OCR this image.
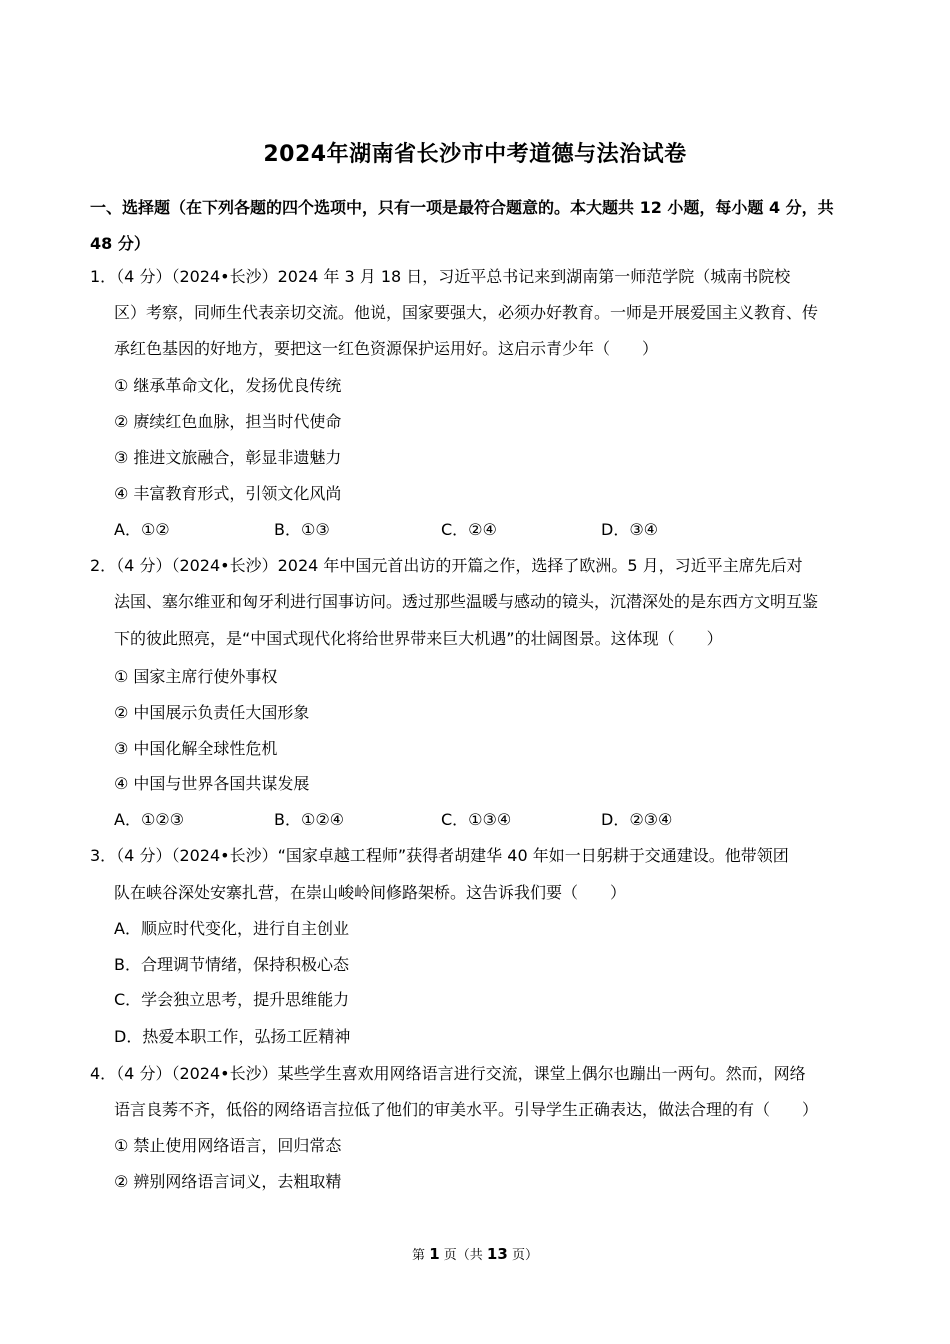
2024年湖南省长沙市中考道德与法治试卷
一、选择题（在下列各题的四个选项中，只有一项是最符合题意的。本大题共 12 小题，每小题 4 分，共
48 分）
1．（4 分）（2024•长沙）2024 年 3 月 18 日，习近平总书记来到湖南第一师范学院（城南书院校
区）考察，同师生代表亲切交流。他说，国家要强大，必须办好教育。一师是开展爱国主义教育、传
承红色基因的好地方，要把这一红色资源保护运用好。这启示青少年（　　）
① 继承革命文化，发扬优良传统
② 赓续红色血脉，担当时代使命
③ 推进文旅融合，彰显非遗魅力
④ 丰富教育形式，引领文化风尚
A．①②	B．①③	C．②④	D．③④
2．（4 分）（2024•长沙）2024 年中国元首出访的开篇之作，选择了欧洲。5 月，习近平主席先后对
法国、塞尔维亚和匈牙利进行国事访问。透过那些温暖与感动的镜头，沉潜深处的是东西方文明互鉴
下的彼此照亮，是“中国式现代化将给世界带来巨大机遇”的壮阔图景。这体现（　　）
① 国家主席行使外事权
② 中国展示负责任大国形象
③ 中国化解全球性危机
④ 中国与世界各国共谋发展
A．①②③	B．①②④	C．①③④	D．②③④
3．（4 分）（2024•长沙）“国家卓越工程师”获得者胡建华 40 年如一日躬耕于交通建设。他带领团
队在峡谷深处安寨扎营，在崇山峻岭间修路架桥。这告诉我们要（　　）
A．顺应时代变化，进行自主创业
B．合理调节情绪，保持积极心态
C．学会独立思考，提升思维能力
D．热爱本职工作，弘扬工匠精神
4．（4 分）（2024•长沙）某些学生喜欢用网络语言进行交流，课堂上偶尔也蹦出一两句。然而，网络
语言良莠不齐，低俗的网络语言拉低了他们的审美水平。引导学生正确表达，做法合理的有（　　）
① 禁止使用网络语言，回归常态
② 辨别网络语言词义，去粗取精
第 1 页（共 13 页）
